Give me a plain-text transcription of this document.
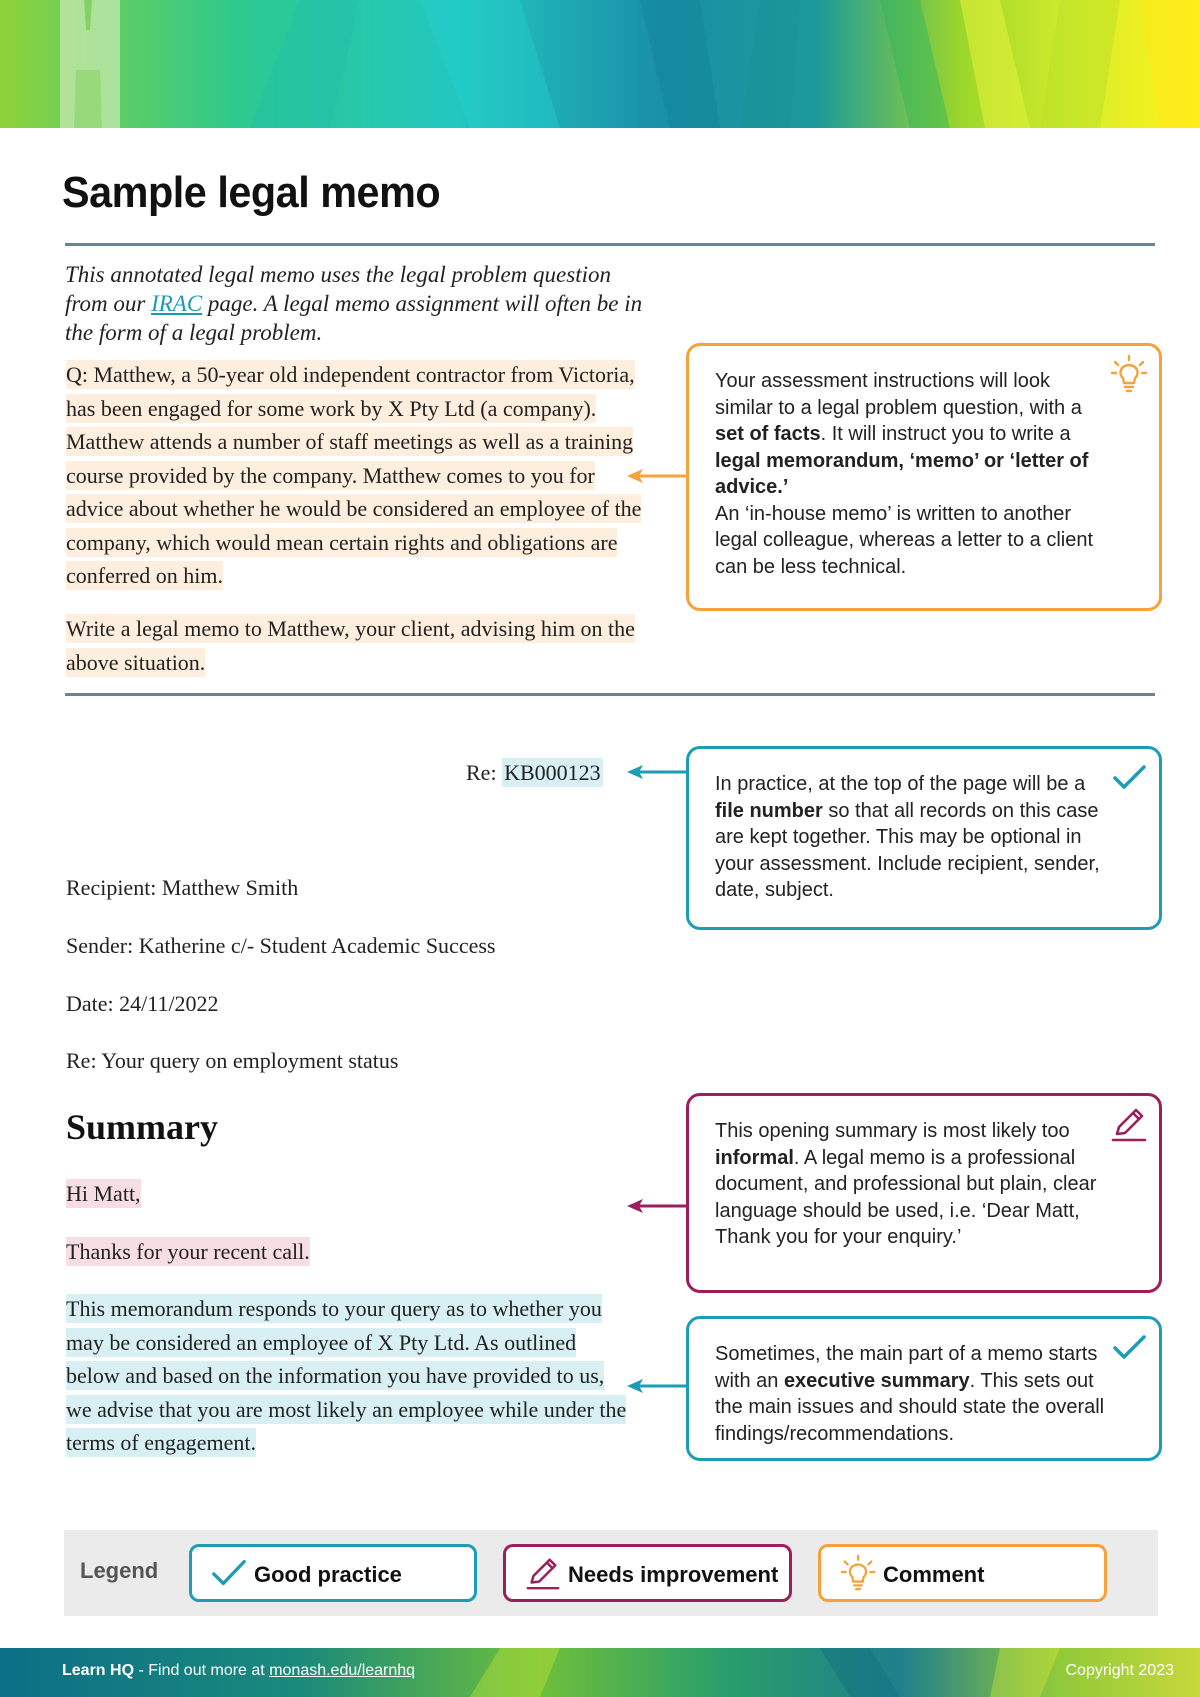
Sample legal memo
This annotated legal memo uses the legal problem question from our IRAC page. A legal memo assignment will often be in the form of a legal problem.
Q: Matthew, a 50-year old independent contractor from Victoria, has been engaged for some work by X Pty Ltd (a company). Matthew attends a number of staff meetings as well as a training course provided by the company. Matthew comes to you for advice about whether he would be considered an employee of the company, which would mean certain rights and obligations are conferred on him.
Write a legal memo to Matthew, your client, advising him on the above situation.
Your assessment instructions will look similar to a legal problem question, with a set of facts. It will instruct you to write a legal memorandum, ‘memo’ or ‘letter of advice.’
An ‘in-house memo’ is written to another legal colleague, whereas a letter to a client can be less technical.
Re: KB000123	In practice, at the top of the page will be a file number so that all records on this case are kept together. This may be optional in your assessment. Include recipient, sender, date, subject.
Recipient: Matthew Smith
Sender: Katherine c/- Student Academic Success
Date: 24/11/2022
Re: Your query on employment status
Summary
Hi Matt,
Thanks for your recent call.
This opening summary is most likely too informal. A legal memo is a professional document, and professional but plain, clear language should be used, i.e. ‘Dear Matt, Thank you for your enquiry.’
This memorandum responds to your query as to whether you may be considered an employee of X Pty Ltd. As outlined below and based on the information you have provided to us, we advise that you are most likely an employee while under the terms of engagement.
Sometimes, the main part of a memo starts with an executive summary. This sets out the main issues and should state the overall findings/recommendations.
Legend	Good practice	Needs improvement	Comment
Learn HQ - Find out more at monash.edu/learnhq	Copyright 2023
